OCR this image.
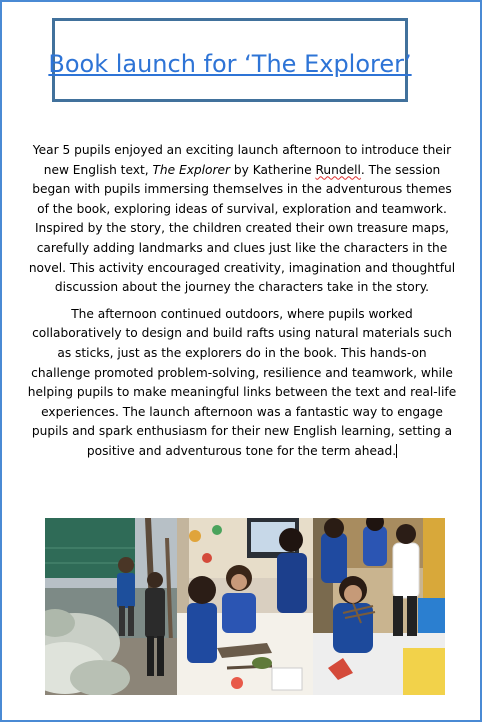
Book launch for ‘The Explorer’

Year 5 pupils enjoyed an exciting launch afternoon to introduce their new English text, The Explorer by Katherine Rundell. The session began with pupils immersing themselves in the adventurous themes of the book, exploring ideas of survival, exploration and teamwork. Inspired by the story, the children created their own treasure maps, carefully adding landmarks and clues just like the characters in the novel. This activity encouraged creativity, imagination and thoughtful discussion about the journey the characters take in the story.

The afternoon continued outdoors, where pupils worked collaboratively to design and build rafts using natural materials such as sticks, just as the explorers do in the book. This hands-on challenge promoted problem-solving, resilience and teamwork, while helping pupils to make meaningful links between the text and real-life experiences. The launch afternoon was a fantastic way to engage pupils and spark enthusiasm for their new English learning, setting a positive and adventurous tone for the term ahead.
